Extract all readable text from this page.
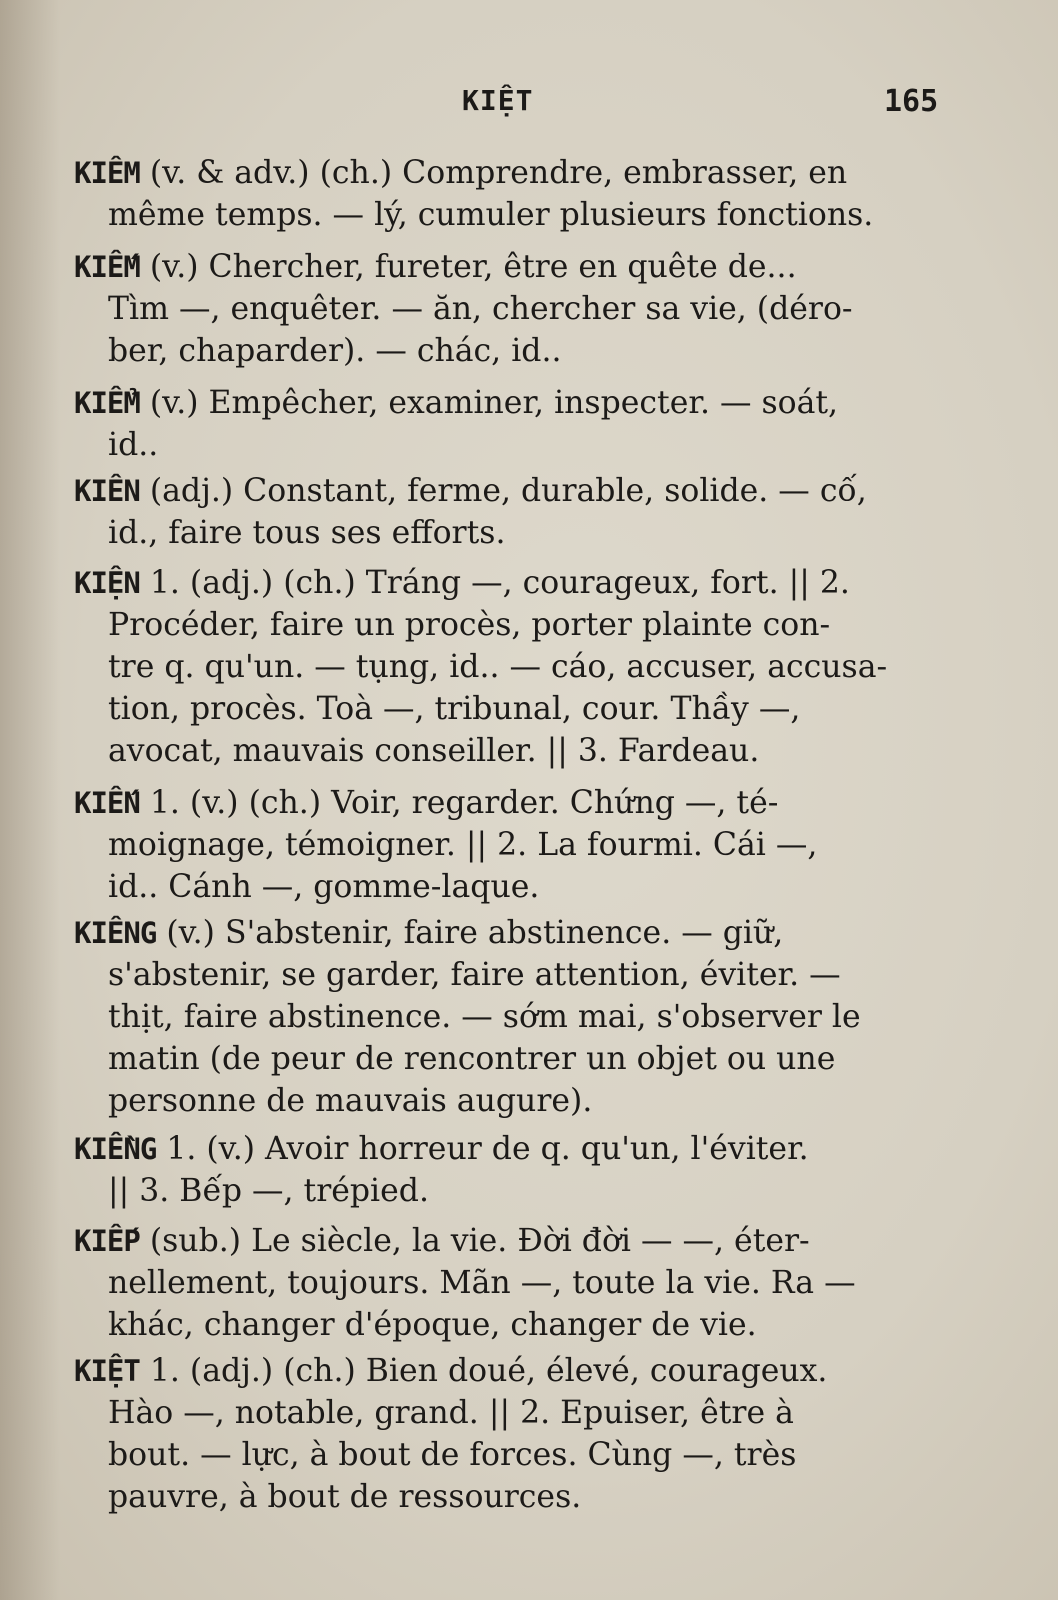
KIỆT	165
KIÊM (v. & adv.) (ch.) Comprendre, embrasser, en
même temps. — lý, cumuler plusieurs fonctions.
KIẾM (v.) Chercher, fureter, être en quête de...
Tìm —, enquêter. — ăn, chercher sa vie, (déro-
ber, chaparder). — chác, id..
KIỂM (v.) Empêcher, examiner, inspecter. — soát,
id..
KIÊN (adj.) Constant, ferme, durable, solide. — cố,
id., faire tous ses efforts.
KIỆN 1. (adj.) (ch.) Tráng —, courageux, fort. || 2.
Procéder, faire un procès, porter plainte con-
tre q. qu'un. — tụng, id.. — cáo, accuser, accusa-
tion, procès. Toà —, tribunal, cour. Thầy —,
avocat, mauvais conseiller. || 3. Fardeau.
KIẾN 1. (v.) (ch.) Voir, regarder. Chứng —, té-
moignage, témoigner. || 2. La fourmi. Cái —,
id.. Cánh —, gomme-laque.
KIÊNG (v.) S'abstenir, faire abstinence. — giữ,
s'abstenir, se garder, faire attention, éviter. —
thịt, faire abstinence. — sớm mai, s'observer le
matin (de peur de rencontrer un objet ou une
personne de mauvais augure).
KIỀNG 1. (v.) Avoir horreur de q. qu'un, l'éviter.
|| 3. Bếp —, trépied.
KIẾP (sub.) Le siècle, la vie. Đời đời — —, éter-
nellement, toujours. Mãn —, toute la vie. Ra —
khác, changer d'époque, changer de vie.
KIỆT 1. (adj.) (ch.) Bien doué, élevé, courageux.
Hào —, notable, grand. || 2. Epuiser, être à
bout. — lực, à bout de forces. Cùng —, très
pauvre, à bout de ressources.
